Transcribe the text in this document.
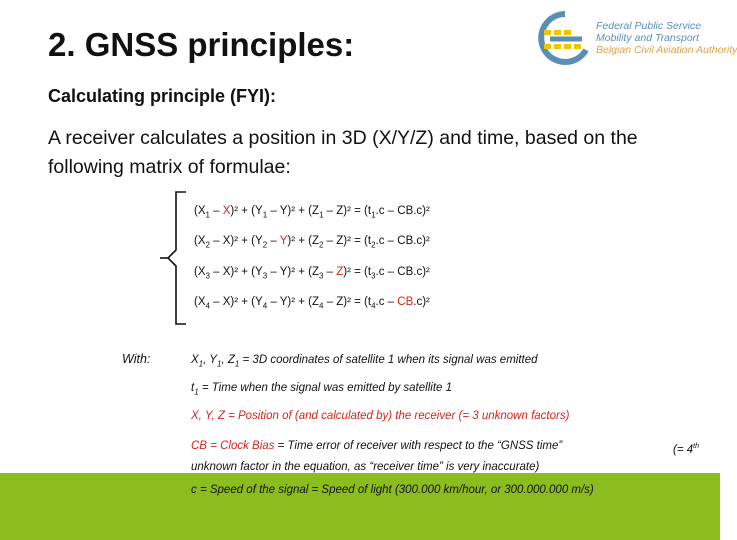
2. GNSS principles:	Federal Public Service
Mobility and Transport
Belgian Civil Aviation Authority
Calculating principle (FYI):
A receiver calculates a position in 3D (X/Y/Z) and time, based on the following matrix of formulae:
$(X_1 - X)^2 + (Y_1 - Y)^2 + (Z_1 - Z)^2 = (t_1.c - CB.c)^2$
$(X_2 - X)^2 + (Y_2 - Y)^2 + (Z_2 - Z)^2 = (t_2.c - CB.c)^2$
$(X_3 - X)^2 + (Y_3 - Y)^2 + (Z_3 - Z)^2 = (t_3.c - CB.c)^2$
$(X_4 - X)^2 + (Y_4 - Y)^2 + (Z_4 - Z)^2 = (t_4.c - CB.c)^2$
With:	$X_1$, $Y_1$, $Z_1 = 3D$ coordinates of satellite 1 when its signal was emitted
$t_1$ = Time when the signal was emitted by satellite 1
X, Y, Z = Position of (and calculated by) the receiver (= 3 unknown factors)
CB = Clock Bias = Time error of receiver with respect to the “GNSS time”	(= 4th
unknown factor in the equation, as “receiver time” is very inaccurate)
c = Speed of the signal = Speed of light (300.000 km/hour, or 300.000.000 m/s)
